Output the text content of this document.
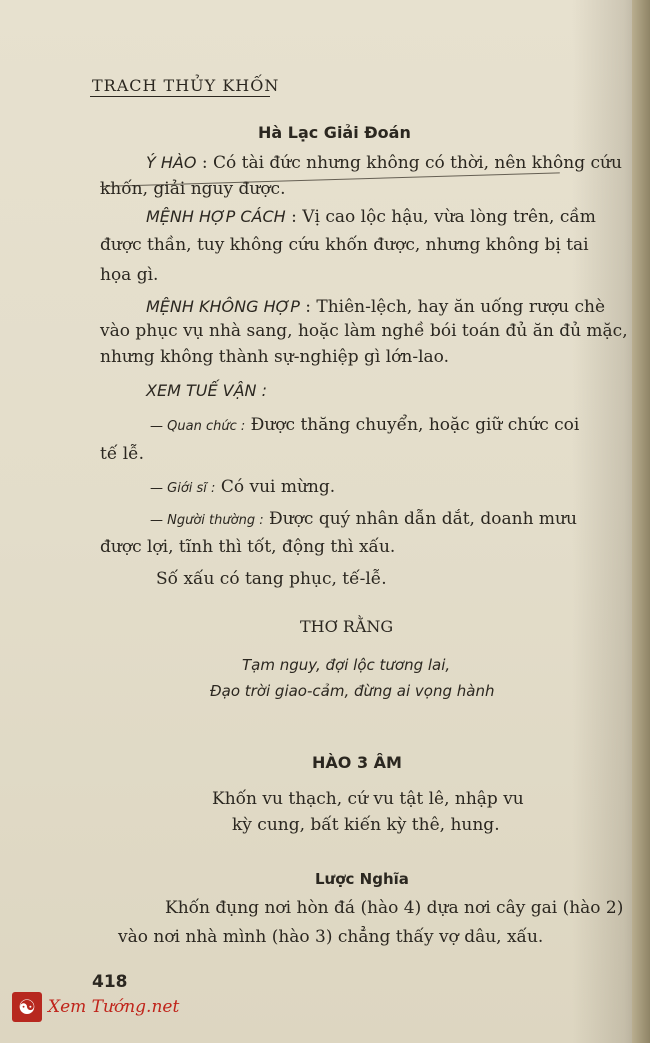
TRACH THỦY KHỐN
Hà Lạc Giải Đoán
Ý HÀO : Có tài đức nhưng không có thời, nên không cứu
khốn, giải nguy được.
MỆNH HỢP CÁCH : Vị cao lộc hậu, vừa lòng trên, cầm
được thần, tuy không cứu khốn được, nhưng không bị tai
họa gì.
MỆNH KHÔNG HỢP : Thiên-lệch, hay ăn uống rượu chè
vào phục vụ nhà sang, hoặc làm nghề bói toán đủ ăn đủ mặc,
nhưng không thành sự-nghiệp gì lớn-lao.
XEM TUẾ VẬN :
— Quan chức : Được thăng chuyển, hoặc giữ chức coi
tế lễ.
— Giới sĩ : Có vui mừng.
— Người thường : Được quý nhân dẫn dắt, doanh mưu
được lợi, tĩnh thì tốt, động thì xấu.
Số xấu có tang phục, tế-lễ.
THƠ RẰNG
Tạm nguy, đợi lộc tương lai,
Đạo trời giao-cảm, đừng ai vọng hành
HÀO 3 ÂM
Khốn vu thạch, cứ vu tật lê, nhập vu
kỳ cung, bất kiến kỳ thê, hung.
Lược Nghĩa
Khốn đụng nơi hòn đá (hào 4) dựa nơi cây gai (hào 2)
vào nơi nhà mình (hào 3) chẳng thấy vợ dâu, xấu.
418
☯ Xem Tướng.net
